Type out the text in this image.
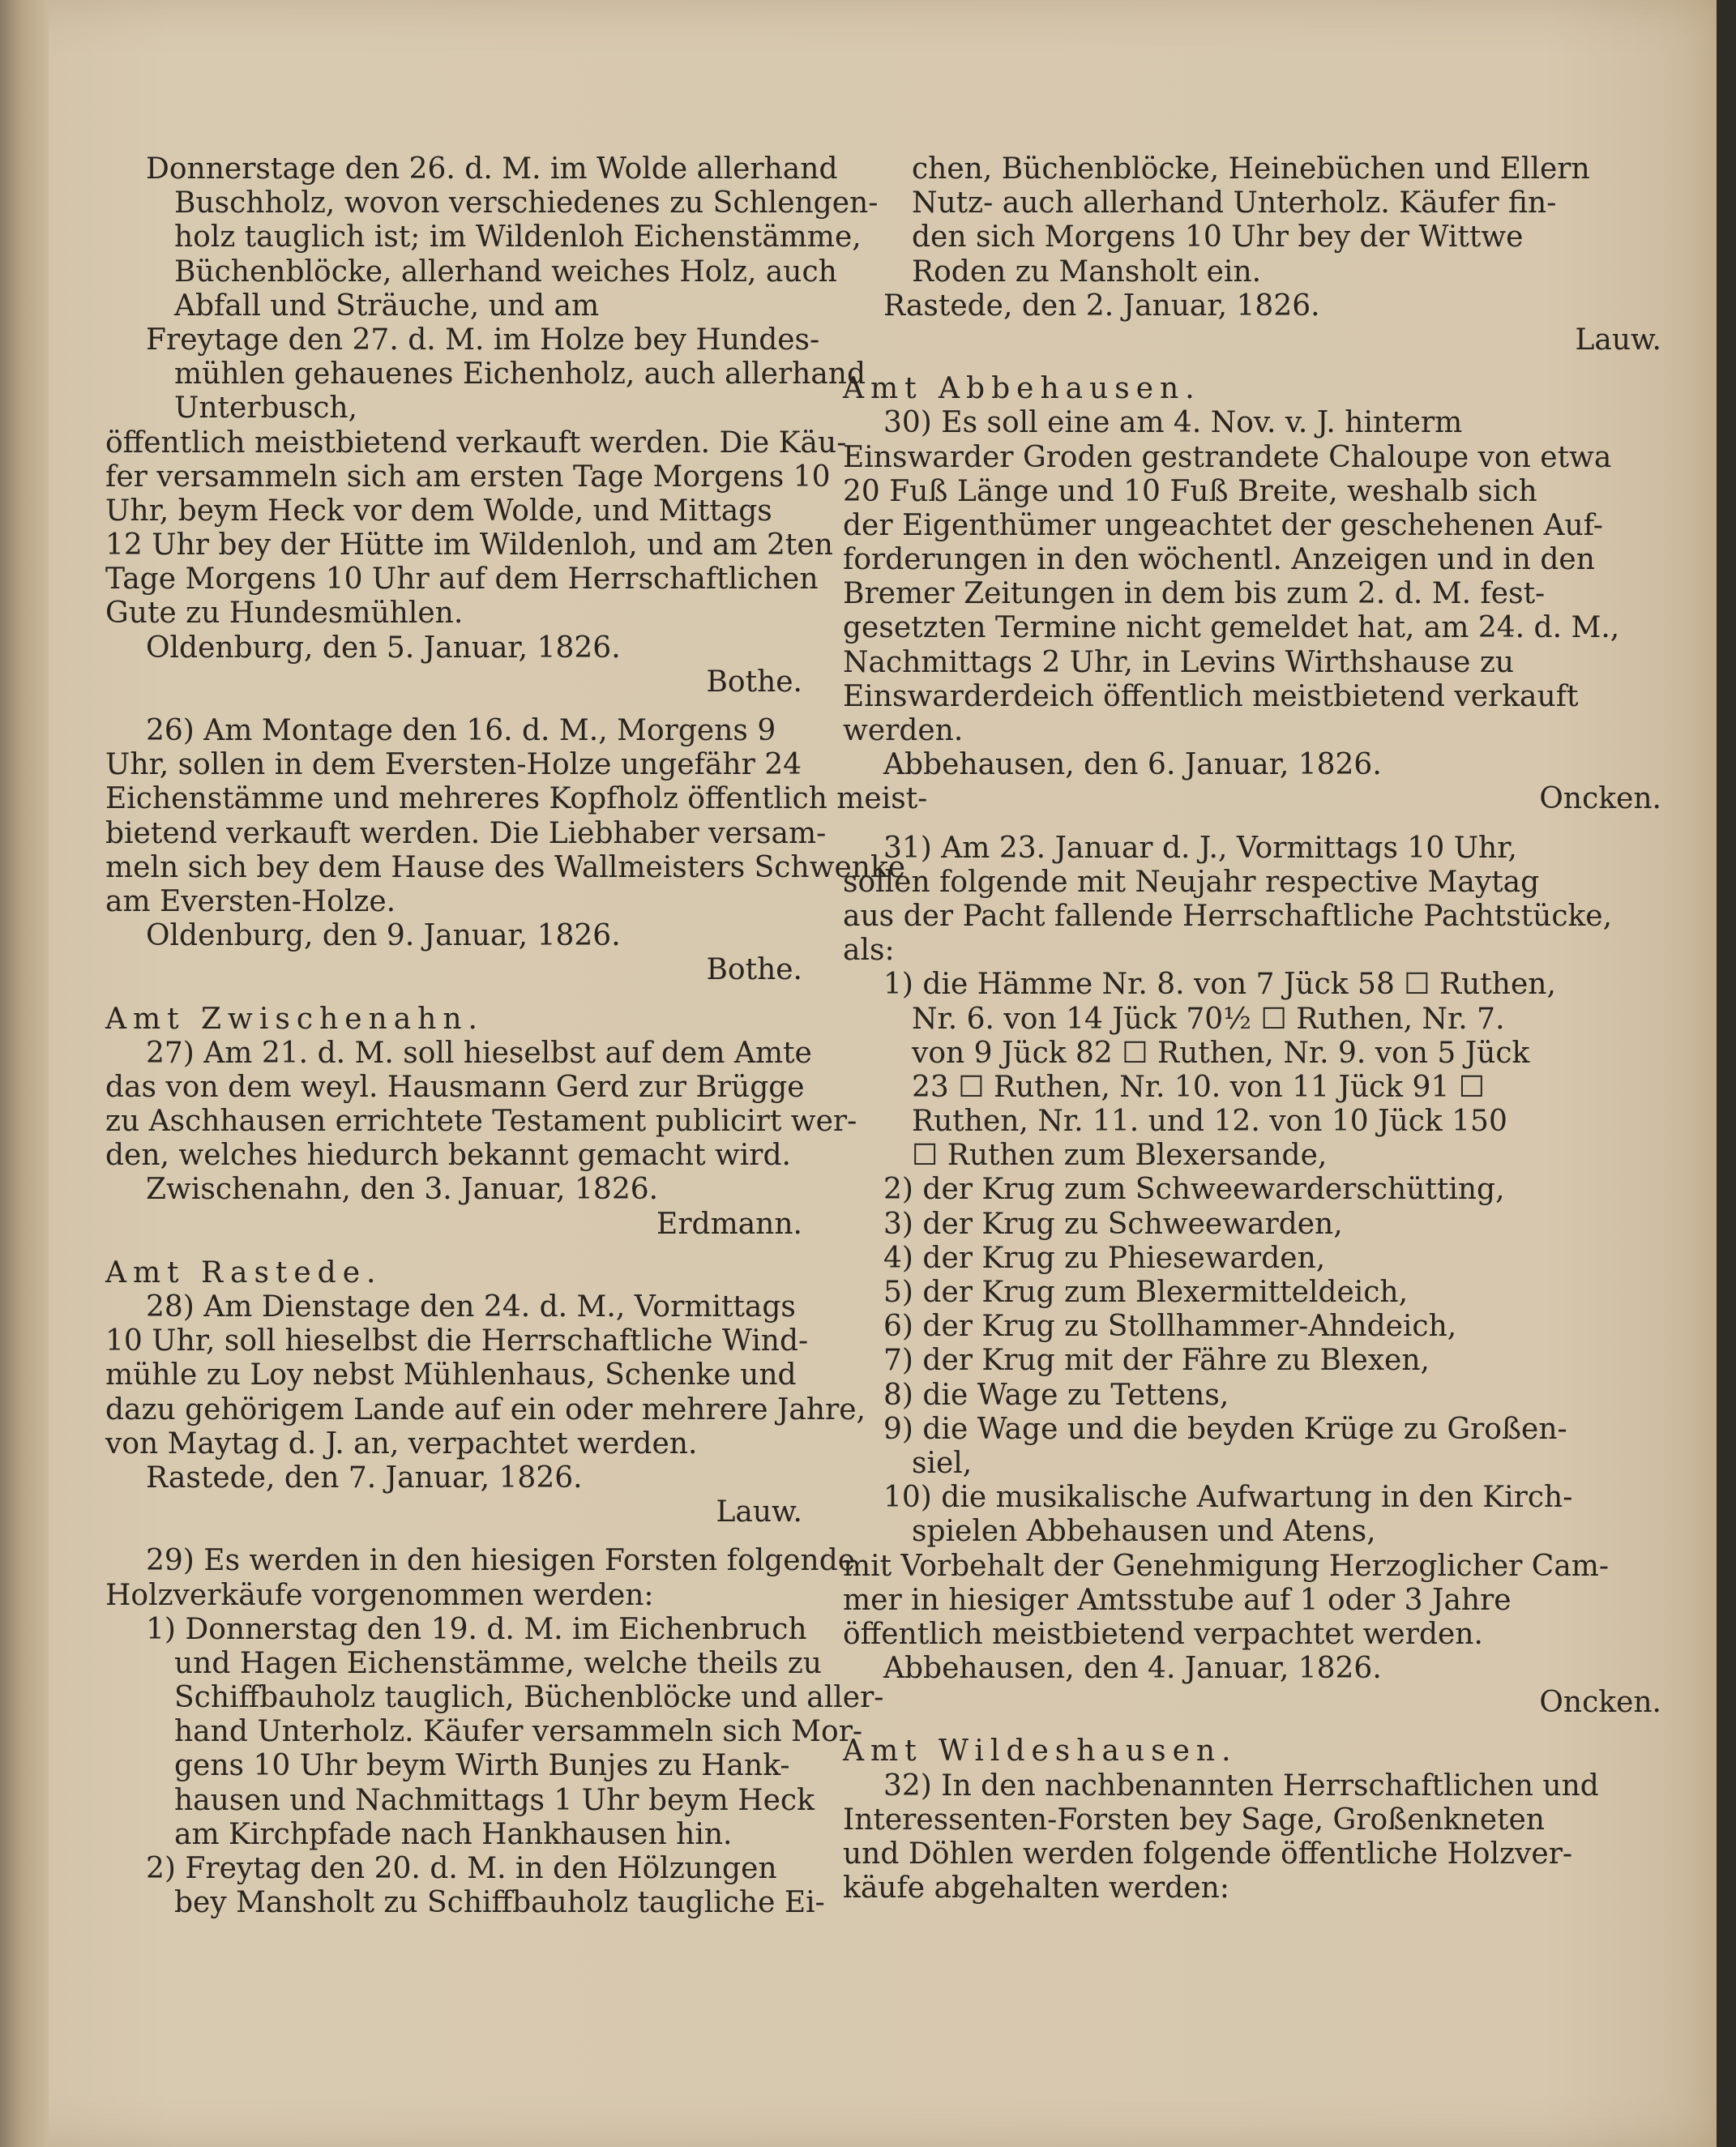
Donnerstage den 26. d. M. im Wolde allerhand
Buschholz, wovon verschiedenes zu Schlengen-
holz tauglich ist; im Wildenloh Eichenstämme,
Büchenblöcke, allerhand weiches Holz, auch
Abfall und Sträuche, und am
Freytage den 27. d. M. im Holze bey Hundes-
mühlen gehauenes Eichenholz, auch allerhand
Unterbusch,
öffentlich meistbietend verkauft werden. Die Käu-
fer versammeln sich am ersten Tage Morgens 10
Uhr, beym Heck vor dem Wolde, und Mittags
12 Uhr bey der Hütte im Wildenloh, und am 2ten
Tage Morgens 10 Uhr auf dem Herrschaftlichen
Gute zu Hundesmühlen.
Oldenburg, den 5. Januar, 1826.
Bothe.
26) Am Montage den 16. d. M., Morgens 9
Uhr, sollen in dem Eversten-Holze ungefähr 24
Eichenstämme und mehreres Kopfholz öffentlich meist-
bietend verkauft werden. Die Liebhaber versam-
meln sich bey dem Hause des Wallmeisters Schwenke
am Eversten-Holze.
Oldenburg, den 9. Januar, 1826.
Bothe.
Amt Zwischenahn.
27) Am 21. d. M. soll hieselbst auf dem Amte
das von dem weyl. Hausmann Gerd zur Brügge
zu Aschhausen errichtete Testament publicirt wer-
den, welches hiedurch bekannt gemacht wird.
Zwischenahn, den 3. Januar, 1826.
Erdmann.
Amt Rastede.
28) Am Dienstage den 24. d. M., Vormittags
10 Uhr, soll hieselbst die Herrschaftliche Wind-
mühle zu Loy nebst Mühlenhaus, Schenke und
dazu gehörigem Lande auf ein oder mehrere Jahre,
von Maytag d. J. an, verpachtet werden.
Rastede, den 7. Januar, 1826.
Lauw.
29) Es werden in den hiesigen Forsten folgende
Holzverkäufe vorgenommen werden:
1) Donnerstag den 19. d. M. im Eichenbruch
und Hagen Eichenstämme, welche theils zu
Schiffbauholz tauglich, Büchenblöcke und aller-
hand Unterholz. Käufer versammeln sich Mor-
gens 10 Uhr beym Wirth Bunjes zu Hank-
hausen und Nachmittags 1 Uhr beym Heck
am Kirchpfade nach Hankhausen hin.
2) Freytag den 20. d. M. in den Hölzungen
bey Mansholt zu Schiffbauholz taugliche Ei-
chen, Büchenblöcke, Heinebüchen und Ellern
Nutz- auch allerhand Unterholz. Käufer fin-
den sich Morgens 10 Uhr bey der Wittwe
Roden zu Mansholt ein.
Rastede, den 2. Januar, 1826.
Lauw.
Amt Abbehausen.
30) Es soll eine am 4. Nov. v. J. hinterm
Einswarder Groden gestrandete Chaloupe von etwa
20 Fuß Länge und 10 Fuß Breite, weshalb sich
der Eigenthümer ungeachtet der geschehenen Auf-
forderungen in den wöchentl. Anzeigen und in den
Bremer Zeitungen in dem bis zum 2. d. M. fest-
gesetzten Termine nicht gemeldet hat, am 24. d. M.,
Nachmittags 2 Uhr, in Levins Wirthshause zu
Einswarderdeich öffentlich meistbietend verkauft
werden.
Abbehausen, den 6. Januar, 1826.
Oncken.
31) Am 23. Januar d. J., Vormittags 10 Uhr,
sollen folgende mit Neujahr respective Maytag
aus der Pacht fallende Herrschaftliche Pachtstücke,
als:
1) die Hämme Nr. 8. von 7 Jück 58 ☐ Ruthen,
Nr. 6. von 14 Jück 70½ ☐ Ruthen, Nr. 7.
von 9 Jück 82 ☐ Ruthen, Nr. 9. von 5 Jück
23 ☐ Ruthen, Nr. 10. von 11 Jück 91 ☐
Ruthen, Nr. 11. und 12. von 10 Jück 150
☐ Ruthen zum Blexersande,
2) der Krug zum Schweewarderschütting,
3) der Krug zu Schweewarden,
4) der Krug zu Phiesewarden,
5) der Krug zum Blexermitteldeich,
6) der Krug zu Stollhammer-Ahndeich,
7) der Krug mit der Fähre zu Blexen,
8) die Wage zu Tettens,
9) die Wage und die beyden Krüge zu Großen-
siel,
10) die musikalische Aufwartung in den Kirch-
spielen Abbehausen und Atens,
mit Vorbehalt der Genehmigung Herzoglicher Cam-
mer in hiesiger Amtsstube auf 1 oder 3 Jahre
öffentlich meistbietend verpachtet werden.
Abbehausen, den 4. Januar, 1826.
Oncken.
Amt Wildeshausen.
32) In den nachbenannten Herrschaftlichen und
Interessenten-Forsten bey Sage, Großenkneten
und Döhlen werden folgende öffentliche Holzver-
käufe abgehalten werden:
